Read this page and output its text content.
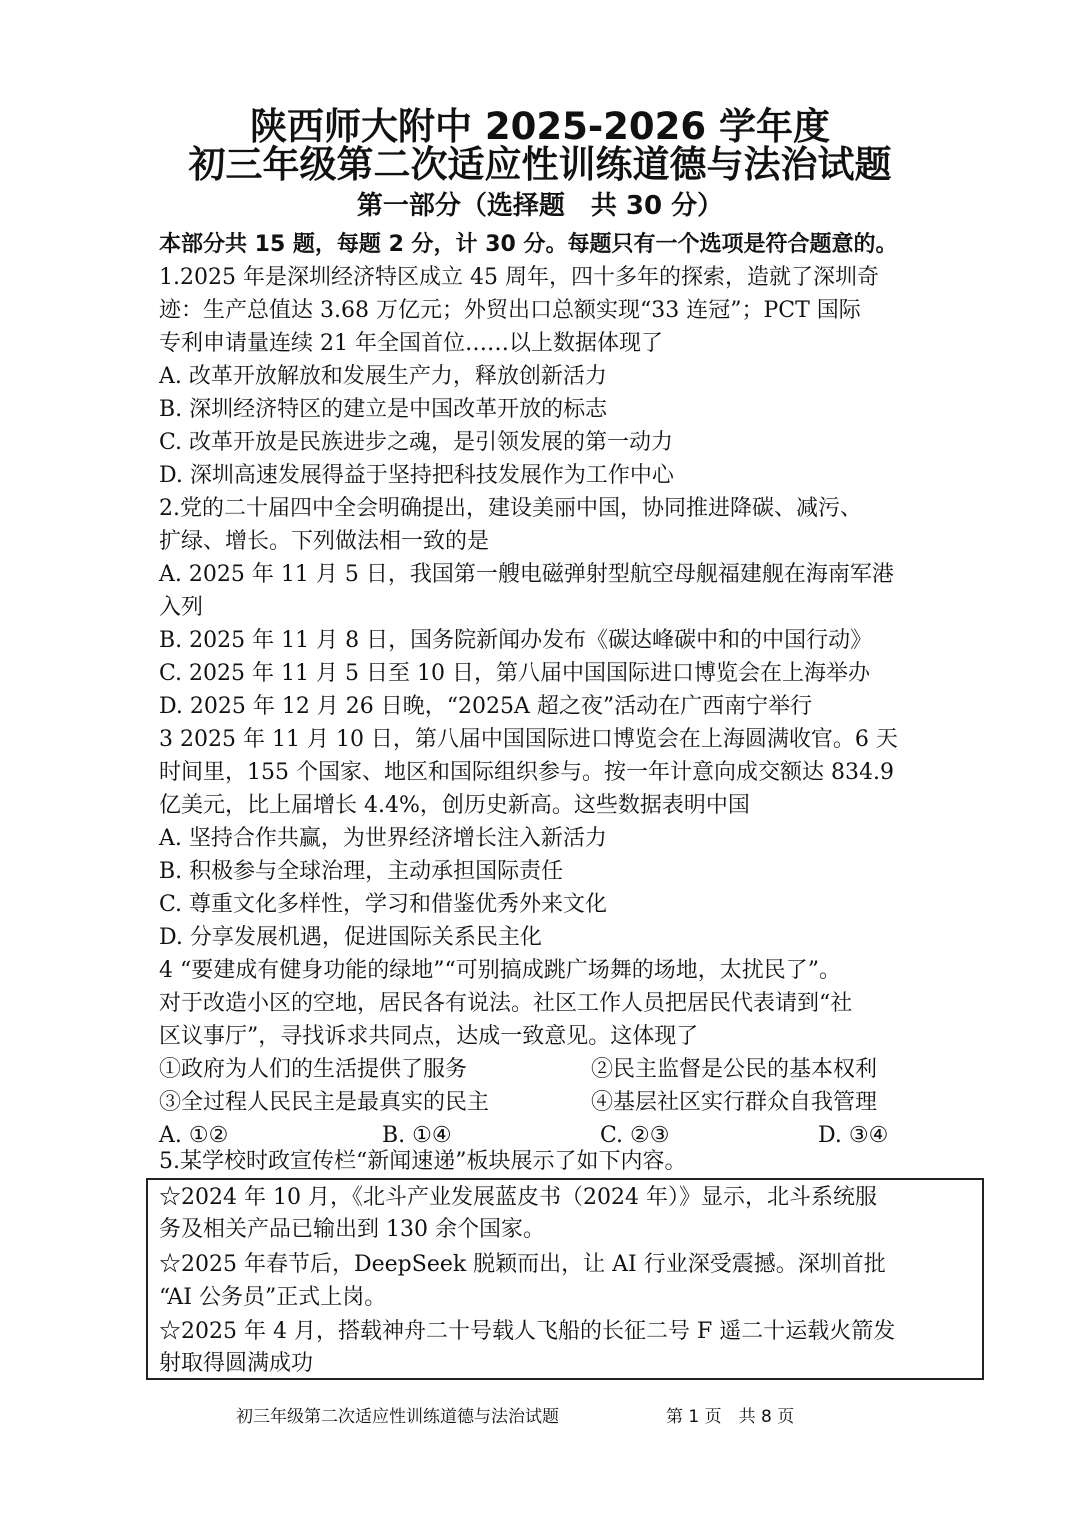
陕西师大附中 2025-2026 学年度
初三年级第二次适应性训练道德与法治试题
第一部分（选择题　共 30 分）
本部分共 15 题，每题 2 分，计 30 分。每题只有一个选项是符合题意的。
1.2025 年是深圳经济特区成立 45 周年，四十多年的探索，造就了深圳奇
迹：生产总值达 3.68 万亿元；外贸出口总额实现“33 连冠”；PCT 国际
专利申请量连续 21 年全国首位……以上数据体现了
A. 改革开放解放和发展生产力，释放创新活力
B. 深圳经济特区的建立是中国改革开放的标志
C. 改革开放是民族进步之魂，是引领发展的第一动力
D. 深圳高速发展得益于坚持把科技发展作为工作中心
2.党的二十届四中全会明确提出，建设美丽中国，协同推进降碳、减污、
扩绿、增长。下列做法相一致的是
A. 2025 年 11 月 5 日，我国第一艘电磁弹射型航空母舰福建舰在海南军港
入列
B. 2025 年 11 月 8 日，国务院新闻办发布《碳达峰碳中和的中国行动》
C. 2025 年 11 月 5 日至 10 日，第八届中国国际进口博览会在上海举办
D. 2025 年 12 月 26 日晚，“2025A 超之夜”活动在广西南宁举行
3 2025 年 11 月 10 日，第八届中国国际进口博览会在上海圆满收官。6 天
时间里，155 个国家、地区和国际组织参与。按一年计意向成交额达 834.9
亿美元，比上届增长 4.4%，创历史新高。这些数据表明中国
A. 坚持合作共赢，为世界经济增长注入新活力
B. 积极参与全球治理，主动承担国际责任
C. 尊重文化多样性，学习和借鉴优秀外来文化
D. 分享发展机遇，促进国际关系民主化
4 “要建成有健身功能的绿地”“可别搞成跳广场舞的场地，太扰民了”。
对于改造小区的空地，居民各有说法。社区工作人员把居民代表请到“社
区议事厅”，寻找诉求共同点，达成一致意见。这体现了
①政府为人们的生活提供了服务	②民主监督是公民的基本权利
③全过程人民民主是最真实的民主	④基层社区实行群众自我管理
A. ①②	B. ①④	C. ②③	D. ③④
5.某学校时政宣传栏“新闻速递”板块展示了如下内容。
☆2024 年 10 月，《北斗产业发展蓝皮书（2024 年）》显示，北斗系统服
务及相关产品已输出到 130 余个国家。
☆2025 年春节后，DeepSeek 脱颖而出，让 AI 行业深受震撼。深圳首批
“AI 公务员”正式上岗。
☆2025 年 4 月，搭载神舟二十号载人飞船的长征二号 F 遥二十运载火箭发
射取得圆满成功
初三年级第二次适应性训练道德与法治试题	第 1 页　共 8 页
